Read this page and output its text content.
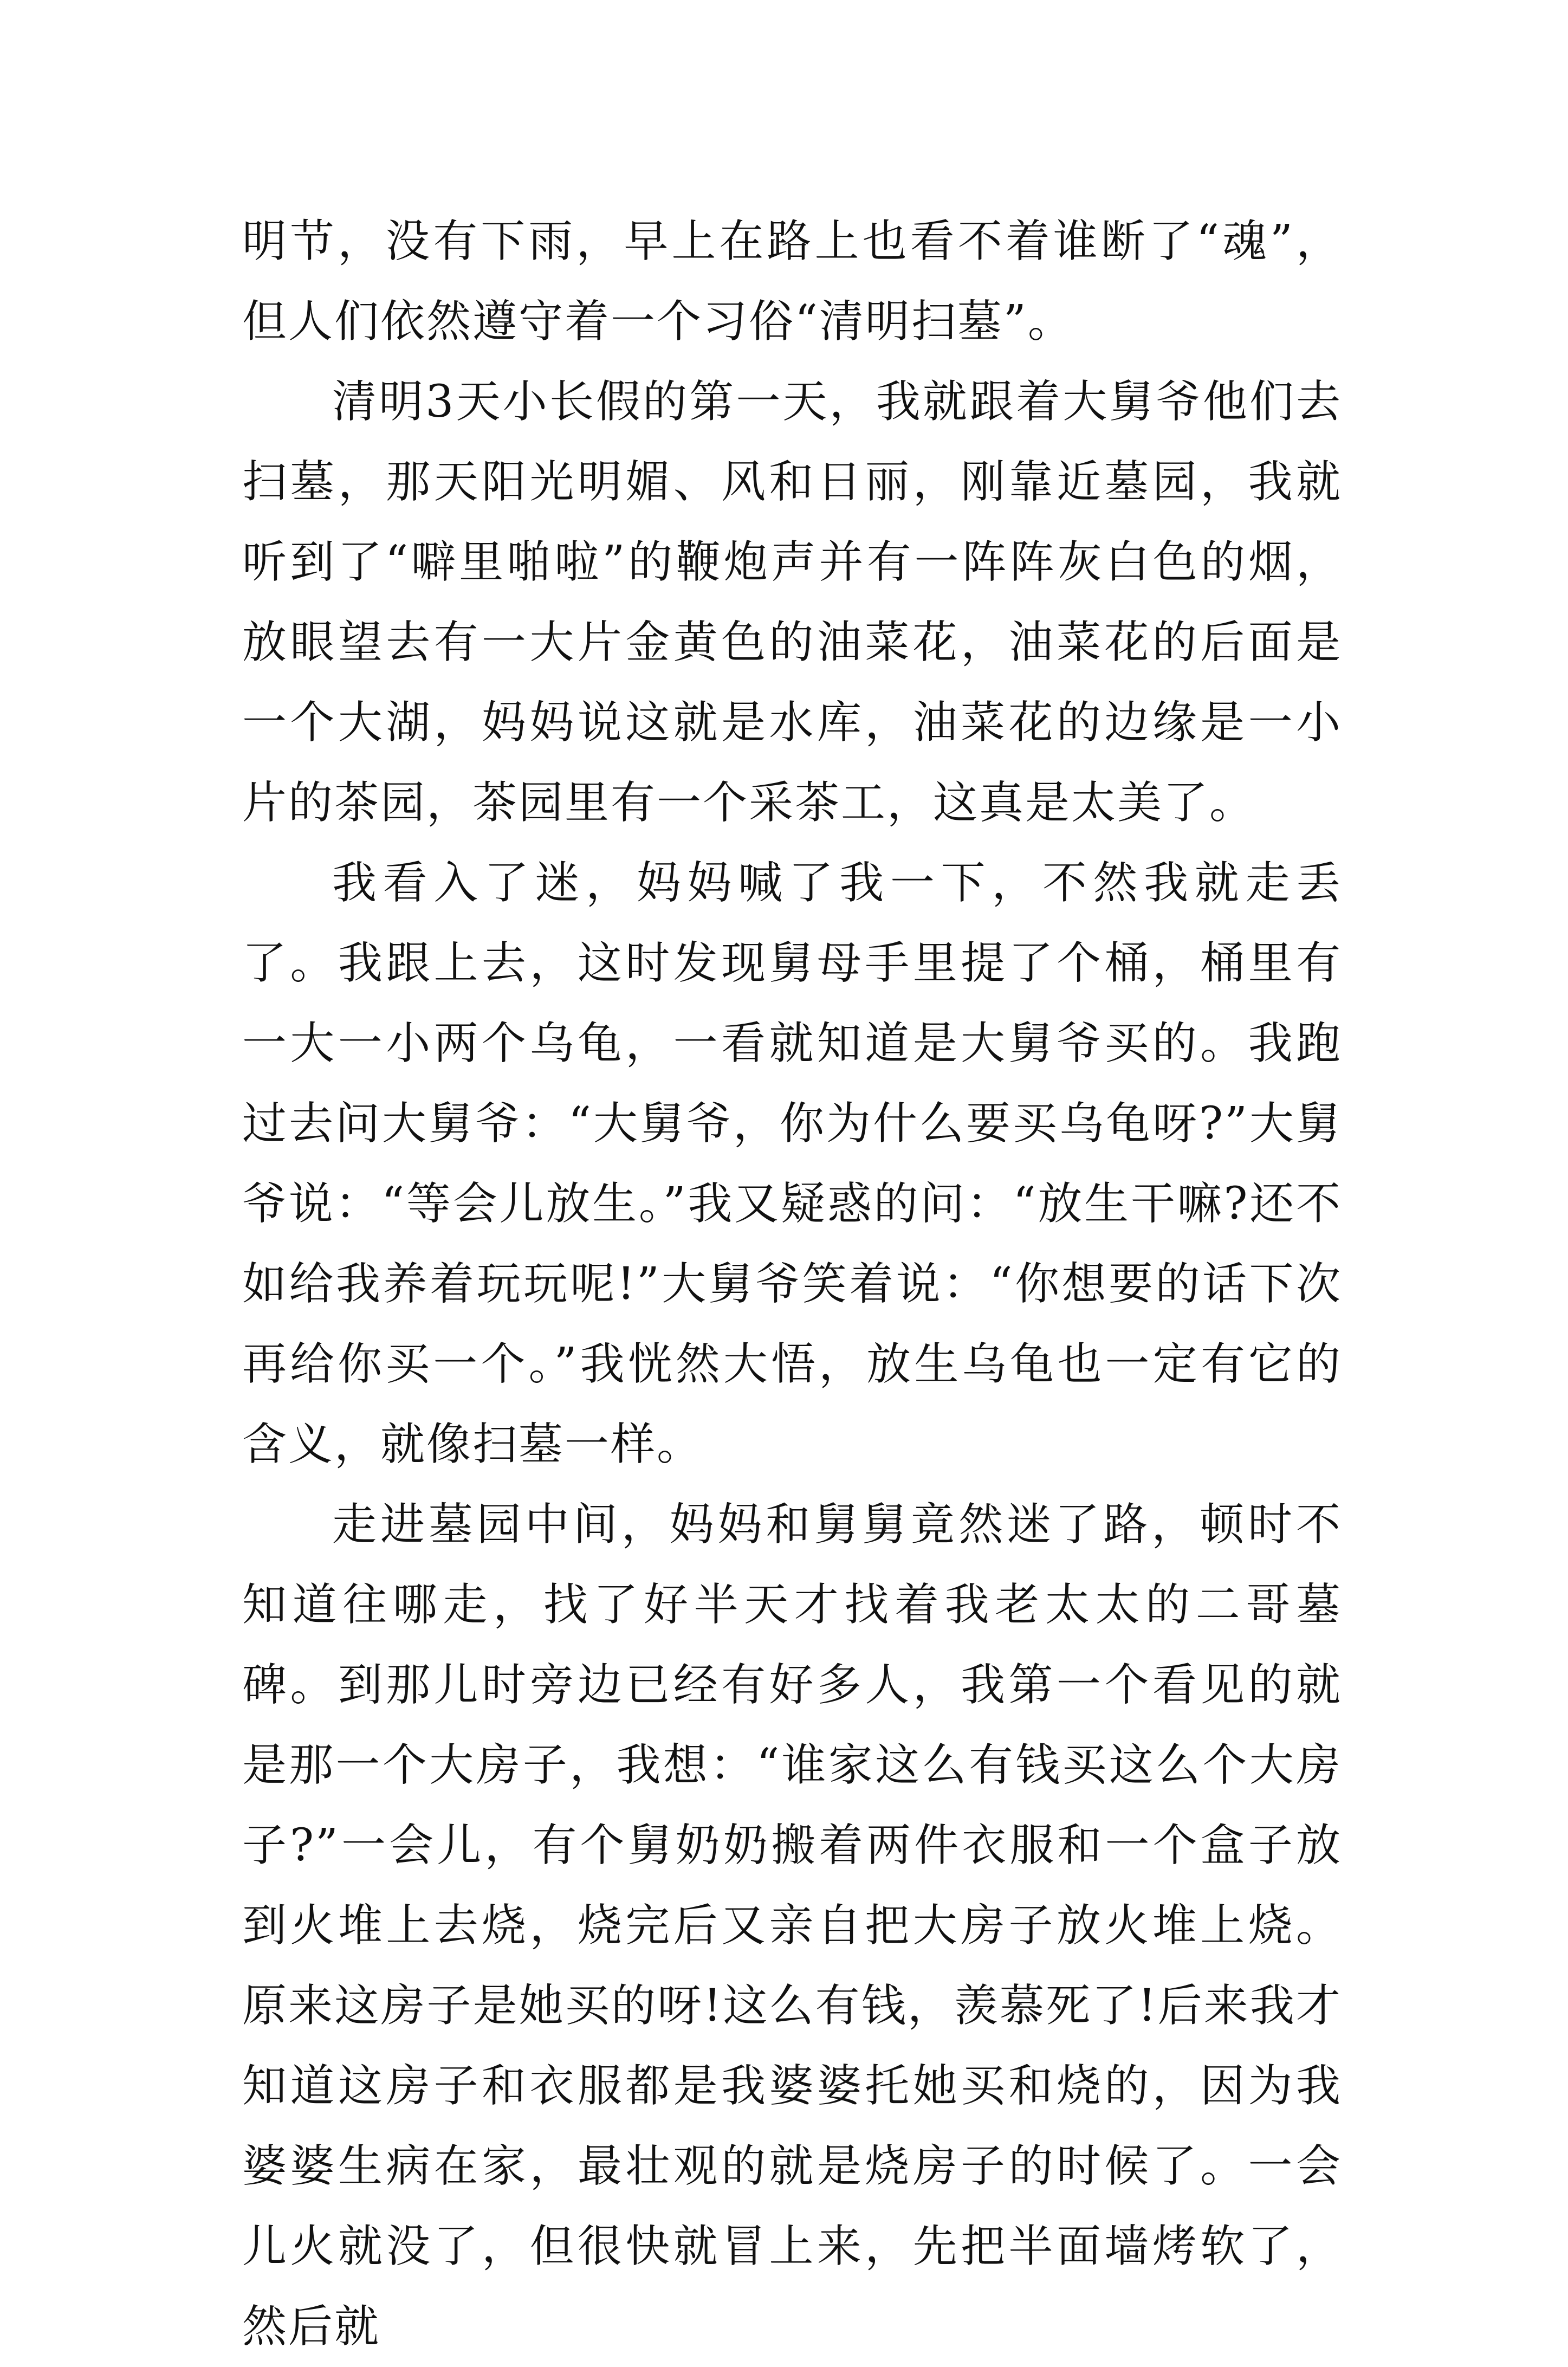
明节，没有下雨，早上在路上也看不着谁断了“魂”，但人们依然遵守着一个习俗“清明扫墓”。

清明3天小长假的第一天，我就跟着大舅爷他们去扫墓，那天阳光明媚、风和日丽，刚靠近墓园，我就听到了“噼里啪啦”的鞭炮声并有一阵阵灰白色的烟，放眼望去有一大片金黄色的油菜花，油菜花的后面是一个大湖，妈妈说这就是水库，油菜花的边缘是一小片的茶园，茶园里有一个采茶工，这真是太美了。

我看入了迷，妈妈喊了我一下，不然我就走丢了。我跟上去，这时发现舅母手里提了个桶，桶里有一大一小两个乌龟，一看就知道是大舅爷买的。我跑过去问大舅爷：“大舅爷，你为什么要买乌龟呀?”大舅爷说：“等会儿放生。”我又疑惑的问：“放生干嘛?还不如给我养着玩玩呢!”大舅爷笑着说：“你想要的话下次再给你买一个。”我恍然大悟，放生乌龟也一定有它的含义，就像扫墓一样。

走进墓园中间，妈妈和舅舅竟然迷了路，顿时不知道往哪走，找了好半天才找着我老太太的二哥墓碑。到那儿时旁边已经有好多人，我第一个看见的就是那一个大房子，我想：“谁家这么有钱买这么个大房子?”一会儿，有个舅奶奶搬着两件衣服和一个盒子放到火堆上去烧，烧完后又亲自把大房子放火堆上烧。原来这房子是她买的呀!这么有钱，羡慕死了!后来我才知道这房子和衣服都是我婆婆托她买和烧的，因为我婆婆生病在家，最壮观的就是烧房子的时候了。一会儿火就没了，但很快就冒上来，先把半面墙烤软了，然后就
